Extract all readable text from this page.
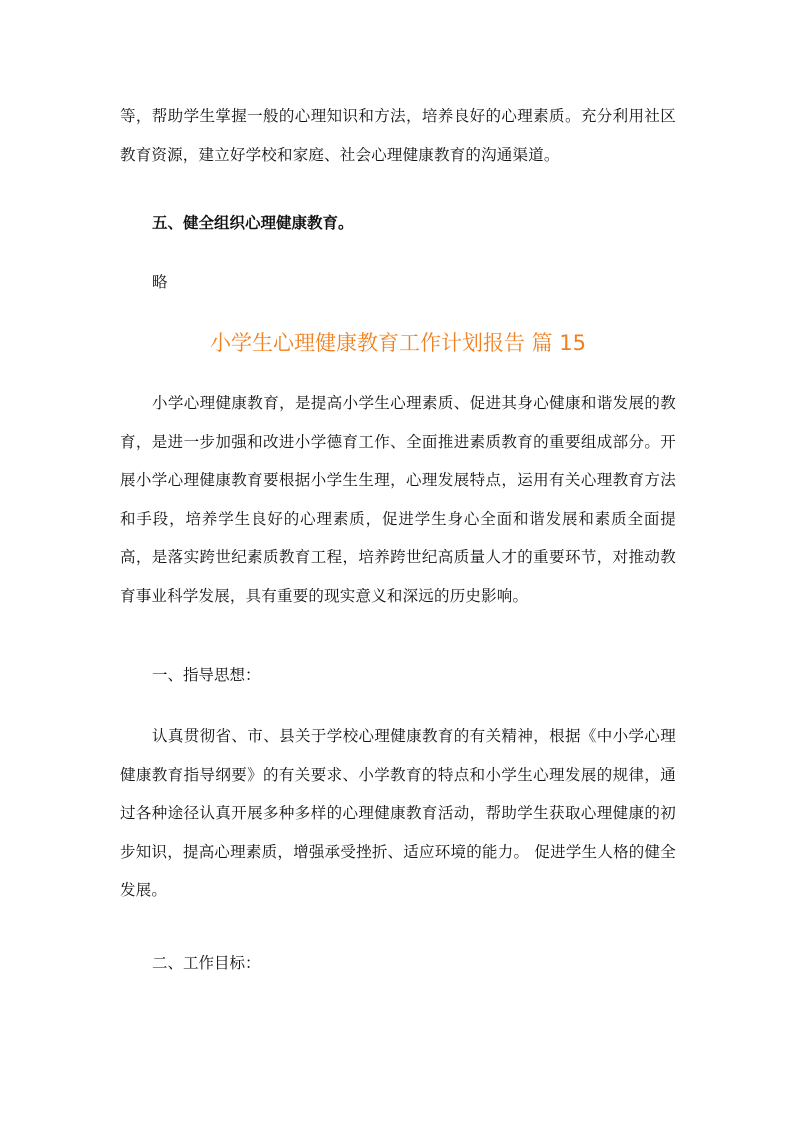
等，帮助学生掌握一般的心理知识和方法，培养良好的心理素质。充分利用社区教育资源，建立好学校和家庭、社会心理健康教育的沟通渠道。

五、健全组织心理健康教育。

略

小学生心理健康教育工作计划报告 篇 15

小学心理健康教育，是提高小学生心理素质、促进其身心健康和谐发展的教育，是进一步加强和改进小学德育工作、全面推进素质教育的重要组成部分。开展小学心理健康教育要根据小学生生理，心理发展特点，运用有关心理教育方法和手段，培养学生良好的心理素质，促进学生身心全面和谐发展和素质全面提高，是落实跨世纪素质教育工程，培养跨世纪高质量人才的重要环节，对推动教育事业科学发展，具有重要的现实意义和深远的历史影响。

一、指导思想：

认真贯彻省、市、县关于学校心理健康教育的有关精神，根据《中小学心理健康教育指导纲要》的有关要求、小学教育的特点和小学生心理发展的规律，通过各种途径认真开展多种多样的心理健康教育活动，帮助学生获取心理健康的初步知识，提高心理素质，增强承受挫折、适应环境的能力。 促进学生人格的健全发展。

二、工作目标：
